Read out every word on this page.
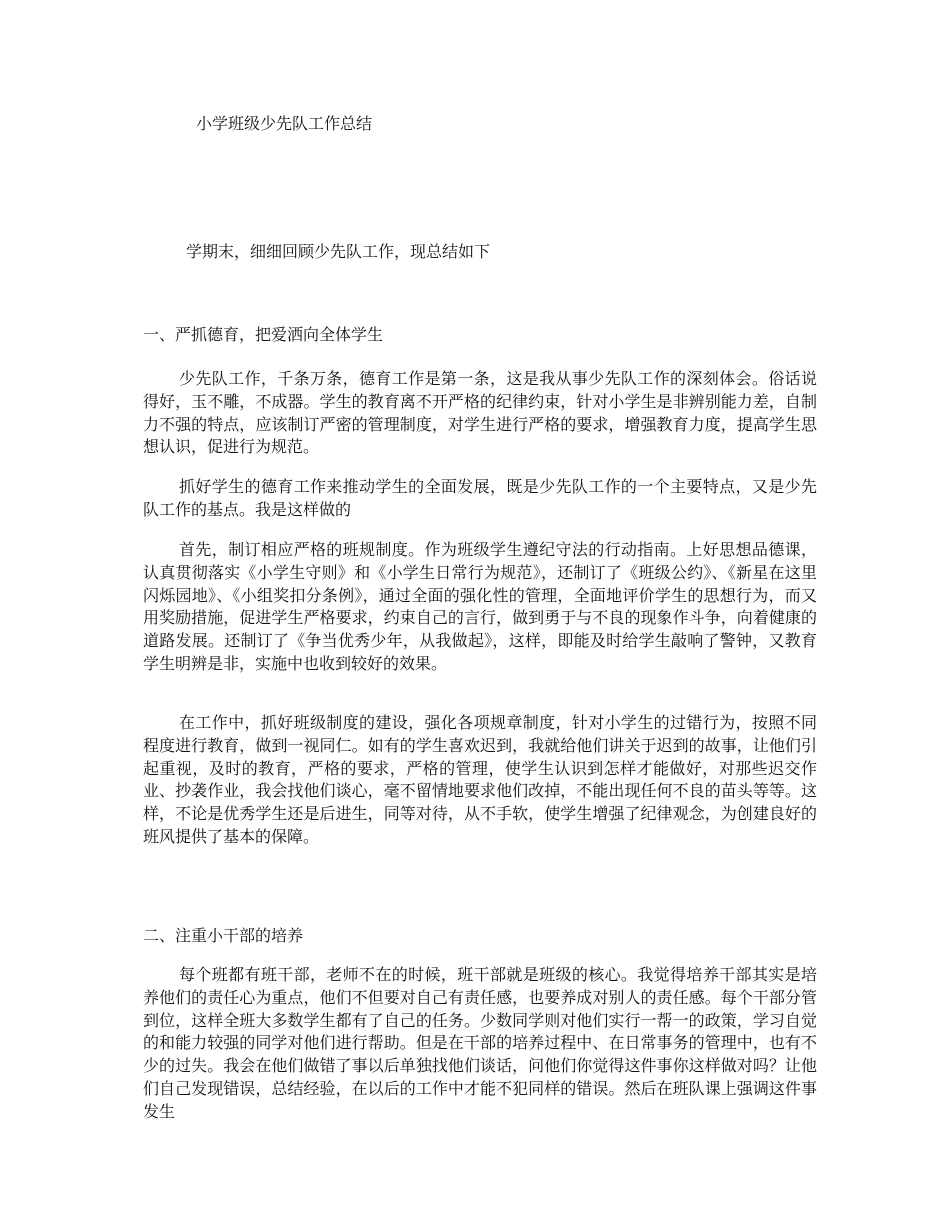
小学班级少先队工作总结
学期末，细细回顾少先队工作，现总结如下
一、严抓德育，把爱洒向全体学生

少先队工作，千条万条，德育工作是第一条，这是我从事少先队工作的深刻体会。俗话说得好，玉不雕，不成器。学生的教育离不开严格的纪律约束，针对小学生是非辨别能力差，自制力不强的特点，应该制订严密的管理制度，对学生进行严格的要求，增强教育力度，提高学生思想认识，促进行为规范。

抓好学生的德育工作来推动学生的全面发展，既是少先队工作的一个主要特点，又是少先队工作的基点。我是这样做的

首先，制订相应严格的班规制度。作为班级学生遵纪守法的行动指南。上好思想品德课，认真贯彻落实《小学生守则》和《小学生日常行为规范》，还制订了《班级公约》、《新星在这里闪烁园地》、《小组奖扣分条例》，通过全面的强化性的管理，全面地评价学生的思想行为，而又用奖励措施，促进学生严格要求，约束自己的言行，做到勇于与不良的现象作斗争，向着健康的道路发展。还制订了《争当优秀少年，从我做起》，这样，即能及时给学生敲响了警钟，又教育学生明辨是非，实施中也收到较好的效果。

在工作中，抓好班级制度的建设，强化各项规章制度，针对小学生的过错行为，按照不同程度进行教育，做到一视同仁。如有的学生喜欢迟到，我就给他们讲关于迟到的故事，让他们引起重视，及时的教育，严格的要求，严格的管理，使学生认识到怎样才能做好，对那些迟交作业、抄袭作业，我会找他们谈心，毫不留情地要求他们改掉，不能出现任何不良的苗头等等。这样，不论是优秀学生还是后进生，同等对待，从不手软，使学生增强了纪律观念，为创建良好的班风提供了基本的保障。

二、注重小干部的培养

每个班都有班干部，老师不在的时候，班干部就是班级的核心。我觉得培养干部其实是培养他们的责任心为重点，他们不但要对自己有责任感，也要养成对别人的责任感。每个干部分管到位，这样全班大多数学生都有了自己的任务。少数同学则对他们实行一帮一的政策，学习自觉的和能力较强的同学对他们进行帮助。但是在干部的培养过程中、在日常事务的管理中，也有不少的过失。我会在他们做错了事以后单独找他们谈话，问他们你觉得这件事你这样做对吗？让他们自己发现错误，总结经验，在以后的工作中才能不犯同样的错误。然后在班队课上强调这件事发生
